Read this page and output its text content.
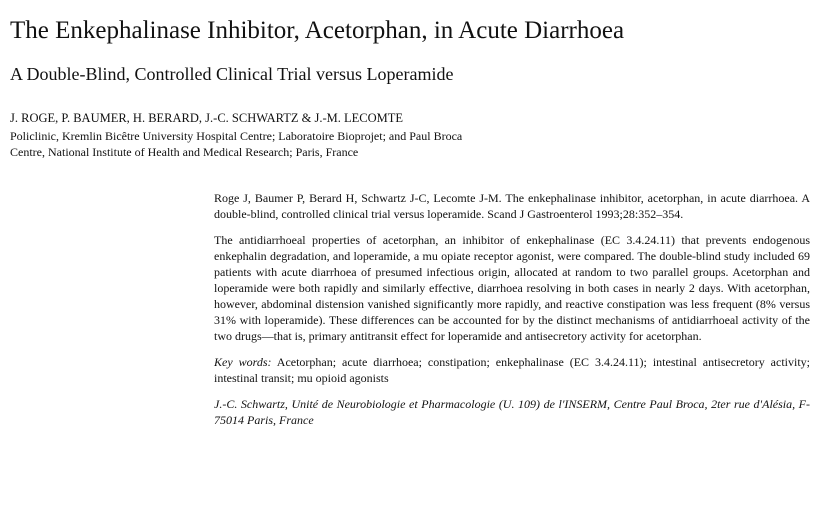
The Enkephalinase Inhibitor, Acetorphan, in Acute Diarrhoea
A Double-Blind, Controlled Clinical Trial versus Loperamide
J. ROGE, P. BAUMER, H. BERARD, J.-C. SCHWARTZ & J.-M. LECOMTE
Policlinic, Kremlin Bicêtre University Hospital Centre; Laboratoire Bioprojet; and Paul Broca
Centre, National Institute of Health and Medical Research; Paris, France

Roge J, Baumer P, Berard H, Schwartz J-C, Lecomte J-M. The enkephalinase inhibitor, acetorphan, in acute diarrhoea. A double-blind, controlled clinical trial versus loperamide. Scand J Gastroenterol 1993;28:352–354.

The antidiarrhoeal properties of acetorphan, an inhibitor of enkephalinase (EC 3.4.24.11) that prevents endogenous enkephalin degradation, and loperamide, a mu opiate receptor agonist, were compared. The double-blind study included 69 patients with acute diarrhoea of presumed infectious origin, allocated at random to two parallel groups. Acetorphan and loperamide were both rapidly and similarly effective, diarrhoea resolving in both cases in nearly 2 days. With acetorphan, however, abdominal distension vanished significantly more rapidly, and reactive constipation was less frequent (8% versus 31% with loperamide). These differences can be accounted for by the distinct mechanisms of antidiarrhoeal activity of the two drugs—that is, primary antitransit effect for loperamide and antisecretory activity for acetorphan.

Key words: Acetorphan; acute diarrhoea; constipation; enkephalinase (EC 3.4.24.11); intestinal antisecretory activity; intestinal transit; mu opioid agonists

J.-C. Schwartz, Unité de Neurobiologie et Pharmacologie (U. 109) de l'INSERM, Centre Paul Broca, 2ter rue d'Alésia, F-75014 Paris, France
